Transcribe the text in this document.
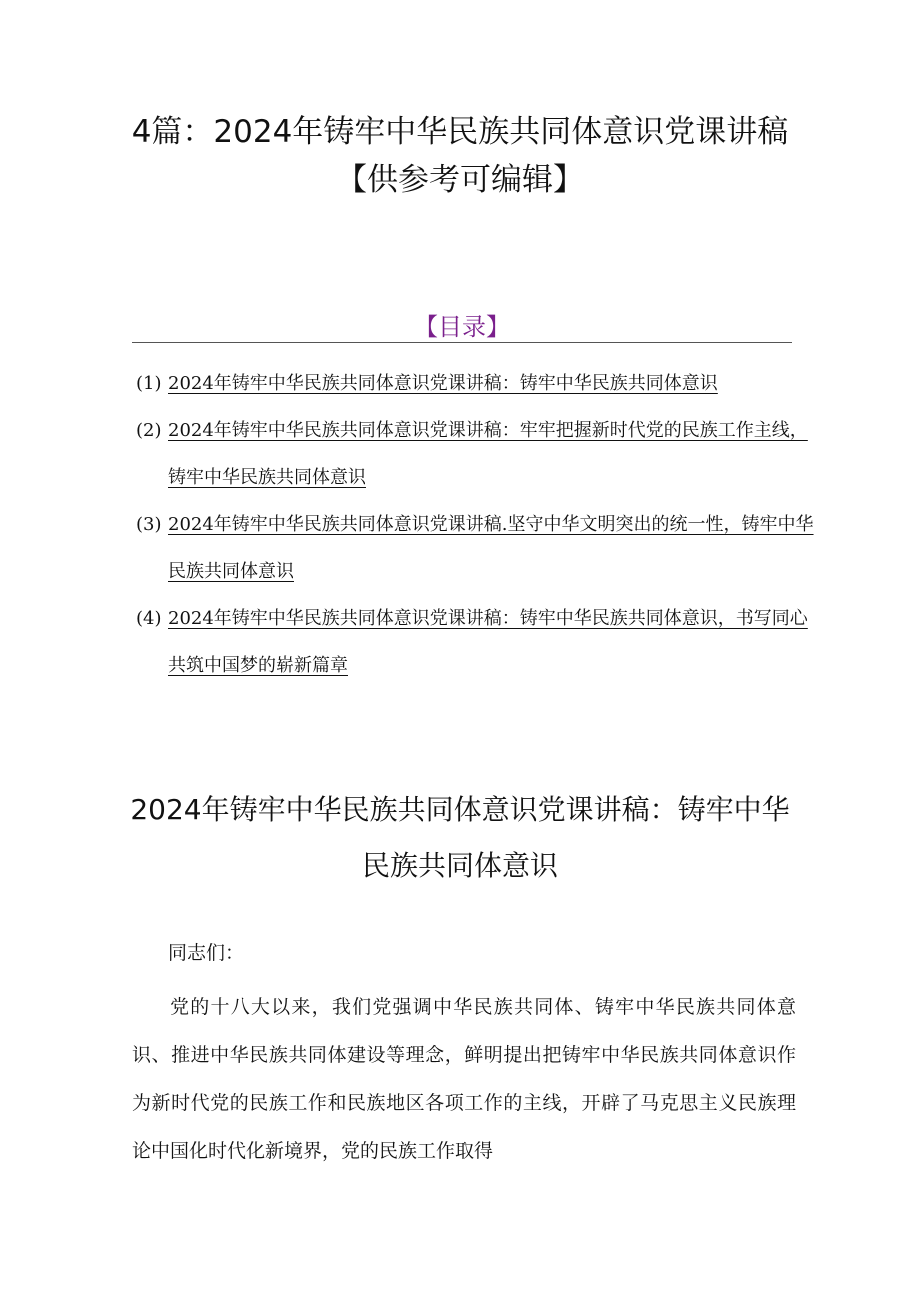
4篇：2024年铸牢中华民族共同体意识党课讲稿【供参考可编辑】
【目录】

(1) 2024年铸牢中华民族共同体意识党课讲稿：铸牢中华民族共同体意识

(2) 2024年铸牢中华民族共同体意识党课讲稿：牢牢把握新时代党的民族工作主线，铸牢中华民族共同体意识

(3) 2024年铸牢中华民族共同体意识党课讲稿.坚守中华文明突出的统一性，铸牢中华民族共同体意识

(4) 2024年铸牢中华民族共同体意识党课讲稿：铸牢中华民族共同体意识，书写同心共筑中国梦的崭新篇章

2024年铸牢中华民族共同体意识党课讲稿：铸牢中华民族共同体意识
同志们：

党的十八大以来，我们党强调中华民族共同体、铸牢中华民族共同体意识、推进中华民族共同体建设等理念，鲜明提出把铸牢中华民族共同体意识作为新时代党的民族工作和民族地区各项工作的主线，开辟了马克思主义民族理论中国化时代化新境界，党的民族工作取得
